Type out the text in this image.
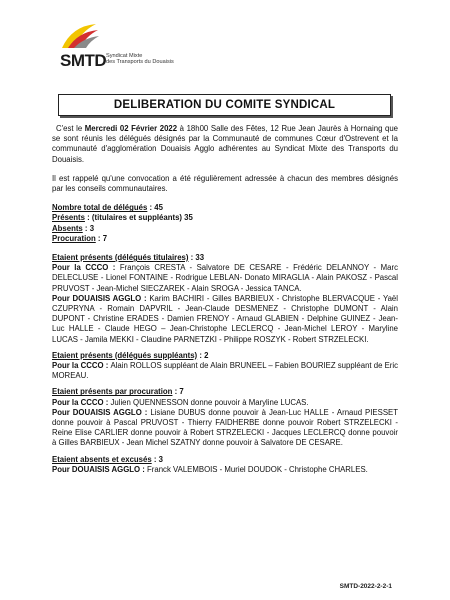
SMTD Syndicat Mixte
des Transports du Douaisis
DELIBERATION DU COMITE SYNDICAL

C'est le Mercredi 02 Février 2022 à 18h00 Salle des Fêtes, 12 Rue Jean Jaurès à Hornaing que se sont réunis les délégués désignés par la Communauté de communes Cœur d'Ostrevent et la communauté d'agglomération Douaisis Agglo adhérentes au Syndicat Mixte des Transports du Douaisis.

Il est rappelé qu'une convocation a été régulièrement adressée à chacun des membres désignés par les conseils communautaires.

Nombre total de délégués : 45

Présents : (titulaires et suppléants) 35

Absents : 3

Procuration : 7

Etaient présents (délégués titulaires) : 33

Pour la CCCO : François CRESTA - Salvatore DE CESARE - Frédéric DELANNOY - Marc DELECLUSE - Lionel FONTAINE - Rodrigue LEBLAN- Donato MIRAGLIA - Alain PAKOSZ - Pascal PRUVOST - Jean-Michel SIECZAREK - Alain SROGA - Jessica TANCA.

Pour DOUAISIS AGGLO : Karim BACHIRI - Gilles BARBIEUX - Christophe BLERVACQUE - Yaël CZUPRYNA - Romain DAPVRIL - Jean-Claude DESMENEZ - Christophe DUMONT - Alain DUPONT - Christine ERADES - Damien FRENOY - Arnaud GLABIEN - Delphine GUINEZ - Jean-Luc HALLE - Claude HEGO – Jean-Christophe LECLERCQ - Jean-Michel LEROY - Maryline LUCAS - Jamila MEKKI - Claudine PARNETZKI - Philippe ROSZYK - Robert STRZELECKI.

Etaient présents (délégués suppléants) : 2

Pour la CCCO : Alain ROLLOS suppléant de Alain BRUNEEL – Fabien BOURIEZ suppléant de Eric MOREAU.

Etaient présents par procuration : 7

Pour la CCCO : Julien QUENNESSON donne pouvoir à Maryline LUCAS.

Pour DOUAISIS AGGLO : Lisiane DUBUS donne pouvoir à Jean-Luc HALLE - Arnaud PIESSET donne pouvoir à Pascal PRUVOST - Thierry FAIDHERBE donne pouvoir Robert STRZELECKI - Reine Elise CARLIER donne pouvoir à Robert STRZELECKI - Jacques LECLERCQ donne pouvoir à Gilles BARBIEUX - Jean Michel SZATNY donne pouvoir à Salvatore DE CESARE.

Etaient absents et excusés : 3

Pour DOUAISIS AGGLO : Franck VALEMBOIS - Muriel DOUDOK - Christophe CHARLES.

SMTD-2022-2-2-1
